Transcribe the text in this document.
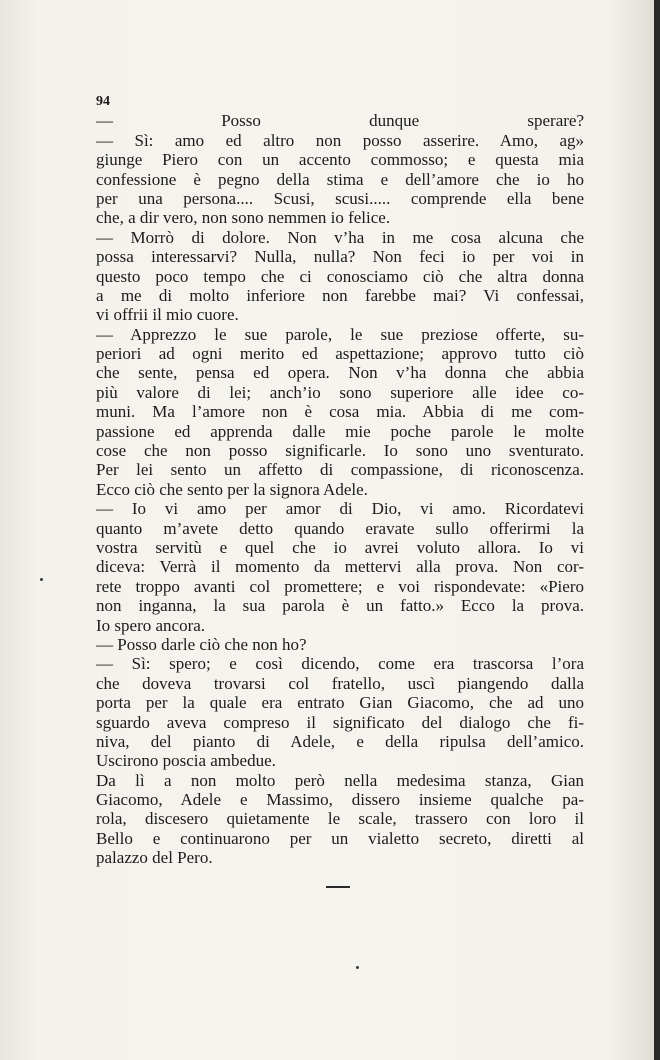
94
— Posso dunque sperare?
— Sì: amo ed altro non posso asserire. Amo, ag»
giunge Piero con un accento commosso; e questa mia
confessione è pegno della stima e dell’amore che io ho
per una persona.... Scusi, scusi..... comprende ella bene
che, a dir vero, non sono nemmen io felice.
— Morrò di dolore. Non v’ha in me cosa alcuna che
possa interessarvi? Nulla, nulla? Non feci io per voi in
questo poco tempo che ci conosciamo ciò che altra donna
a me di molto inferiore non farebbe mai? Vi confessai,
vi offrii il mio cuore.
— Apprezzo le sue parole, le sue preziose offerte, su-
periori ad ogni merito ed aspettazione; approvo tutto ciò
che sente, pensa ed opera. Non v’ha donna che abbia
più valore di lei; anch’io sono superiore alle idee co-
muni. Ma l’amore non è cosa mia. Abbia di me com-
passione ed apprenda dalle mie poche parole le molte
cose che non posso significarle. Io sono uno sventurato.
Per lei sento un affetto di compassione, di riconoscenza.
Ecco ciò che sento per la signora Adele.
— Io vi amo per amor di Dio, vi amo. Ricordatevi
quanto m’avete detto quando eravate sullo offerirmi la
vostra servitù e quel che io avrei voluto allora. Io vi
diceva: Verrà il momento da mettervi alla prova. Non cor-
rete troppo avanti col promettere; e voi rispondevate: «Piero
non inganna, la sua parola è un fatto.» Ecco la prova.
Io spero ancora.
— Posso darle ciò che non ho?
— Sì: spero; e così dicendo, come era trascorsa l’ora
che doveva trovarsi col fratello, uscì piangendo dalla
porta per la quale era entrato Gian Giacomo, che ad uno
sguardo aveva compreso il significato del dialogo che fi-
niva, del pianto di Adele, e della ripulsa dell’amico.
Uscirono poscia ambedue.
Da lì a non molto però nella medesima stanza, Gian
Giacomo, Adele e Massimo, dissero insieme qualche pa-
rola, discesero quietamente le scale, trassero con loro il
Bello e continuarono per un vialetto secreto, diretti al
palazzo del Pero.
